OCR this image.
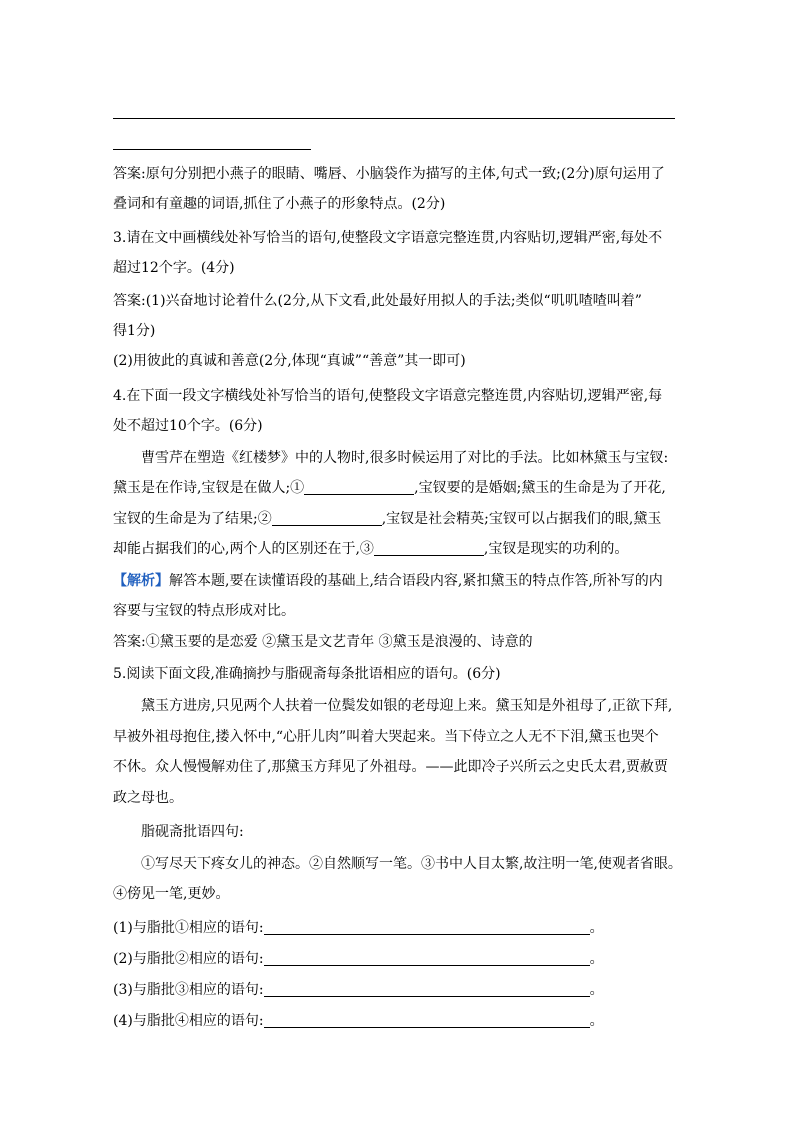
答案:原句分别把小燕子的眼睛、嘴唇、小脑袋作为描写的主体,句式一致;(2分)原句运用了
叠词和有童趣的词语,抓住了小燕子的形象特点。(2分)
3.请在文中画横线处补写恰当的语句,使整段文字语意完整连贯,内容贴切,逻辑严密,每处不
超过12个字。(4分)
答案:(1)兴奋地讨论着什么(2分,从下文看,此处最好用拟人的手法;类似“叽叽喳喳叫着”
得1分)
(2)用彼此的真诚和善意(2分,体现“真诚”“善意”其一即可)
4.在下面一段文字横线处补写恰当的语句,使整段文字语意完整连贯,内容贴切,逻辑严密,每
处不超过10个字。(6分)
曹雪芹在塑造《红楼梦》中的人物时,很多时候运用了对比的手法。比如林黛玉与宝钗:
黛玉是在作诗,宝钗是在做人;①	,宝钗要的是婚姻;黛玉的生命是为了开花,
宝钗的生命是为了结果;②	,宝钗是社会精英;宝钗可以占据我们的眼,黛玉
却能占据我们的心,两个人的区别还在于,③	,宝钗是现实的功利的。
【解析】解答本题,要在读懂语段的基础上,结合语段内容,紧扣黛玉的特点作答,所补写的内
容要与宝钗的特点形成对比。
答案:①黛玉要的是恋爱 ②黛玉是文艺青年 ③黛玉是浪漫的、诗意的
5.阅读下面文段,准确摘抄与脂砚斋每条批语相应的语句。(6分)
黛玉方进房,只见两个人扶着一位鬓发如银的老母迎上来。黛玉知是外祖母了,正欲下拜,
早被外祖母抱住,搂入怀中,“心肝儿肉”叫着大哭起来。当下侍立之人无不下泪,黛玉也哭个
不休。众人慢慢解劝住了,那黛玉方拜见了外祖母。——此即冷子兴所云之史氏太君,贾赦贾
政之母也。
脂砚斋批语四句:
①写尽天下疼女儿的神态。②自然顺写一笔。③书中人目太繁,故注明一笔,使观者省眼。
④傍见一笔,更妙。
(1)与脂批①相应的语句:	。
(2)与脂批②相应的语句:	。
(3)与脂批③相应的语句:	。
(4)与脂批④相应的语句:	。
